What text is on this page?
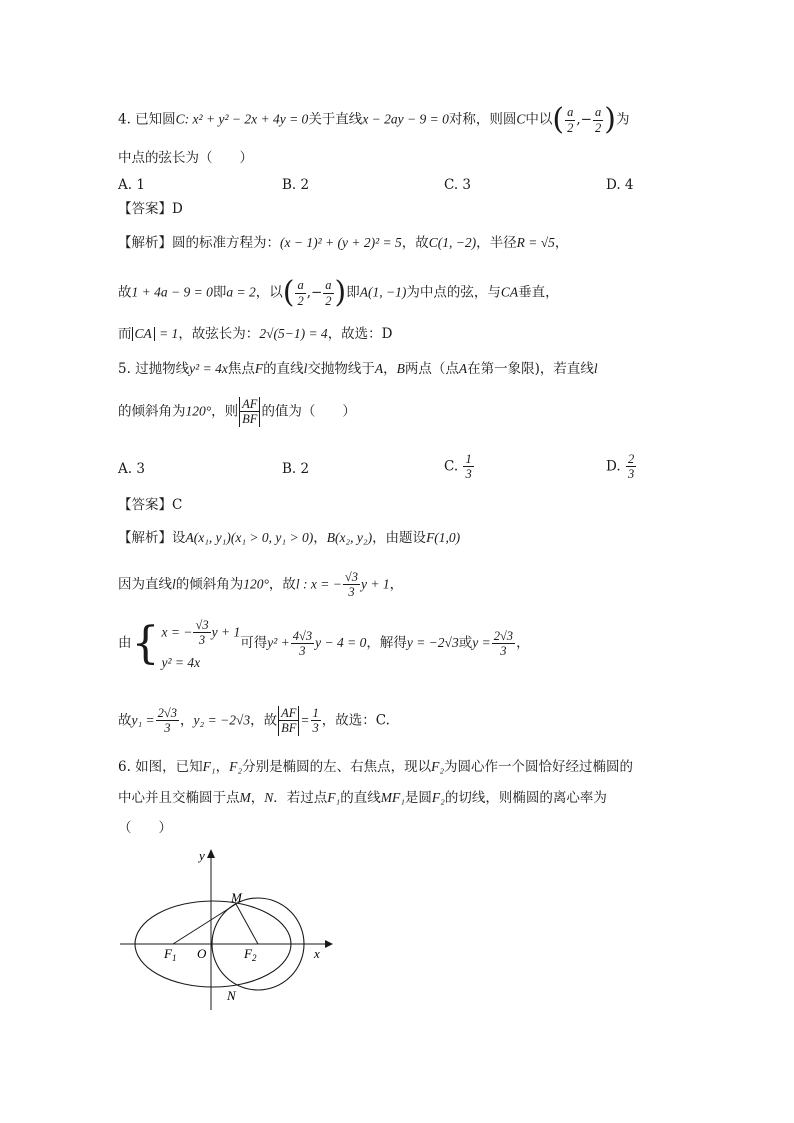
4. 已知圆C: x² + y² − 2x + 4y = 0关于直线x − 2ay − 9 = 0对称，则圆C中以( $\frac{a}{2}$ ,− $\frac{a}{2}$ )为
中点的弦长为（　　）
A. 1	B. 2	C. 3	D. 4
【答案】D
【解析】圆的标准方程为：(x − 1)² + (y + 2)² = 5，故C(1, −2)，半径R = √5，
故1 + 4a − 9 = 0即a = 2，以( $\frac{a}{2}$ ,− $\frac{a}{2}$ )即A(1, −1)为中点的弦，与CA垂直，
而 CA = 1，故弦长为：2√(5−1) = 4，故选：D
5. 过抛物线y² = 4x焦点F的直线l交抛物线于A，B两点（点A在第一象限)，若直线l
的倾斜角为120°，则 $\frac{AF}{BF}$ 的值为（　　）
A. 3	B. 2	C. $\frac{1}{3}$	D. $\frac{2}{3}$
【答案】C
【解析】设A(x₁, y₁)(x₁ > 0, y₁ > 0)，B(x₂, y₂)，由题设F(1,0)
因为直线l的倾斜角为120°，故l : x = − $\frac{√3}{3}$ y + 1，
由 { x = − $\frac{√3}{3}$ y + 1
y² = 4x
可得$y^2 + \frac{4√3}{3}$ y − 4 = 0，解得y = −2√3或$y = \frac{2√3}{3}$ ，
故$y_1 = \frac{2√3}{3}$ ，y₂ = −2√3，故 $\frac{AF}{BF} = \frac{1}{3}$ ，故选：C.
6. 如图，已知F₁，F₂分别是椭圆的左、右焦点，现以F₂为圆心作一个圆恰好经过椭圆的
中心并且交椭圆于点M，N．若过点F₁的直线MF₁是圆F₂的切线，则椭圆的离心率为
（　　）
y
x
M
N
O
$F_1$	$F_2$
